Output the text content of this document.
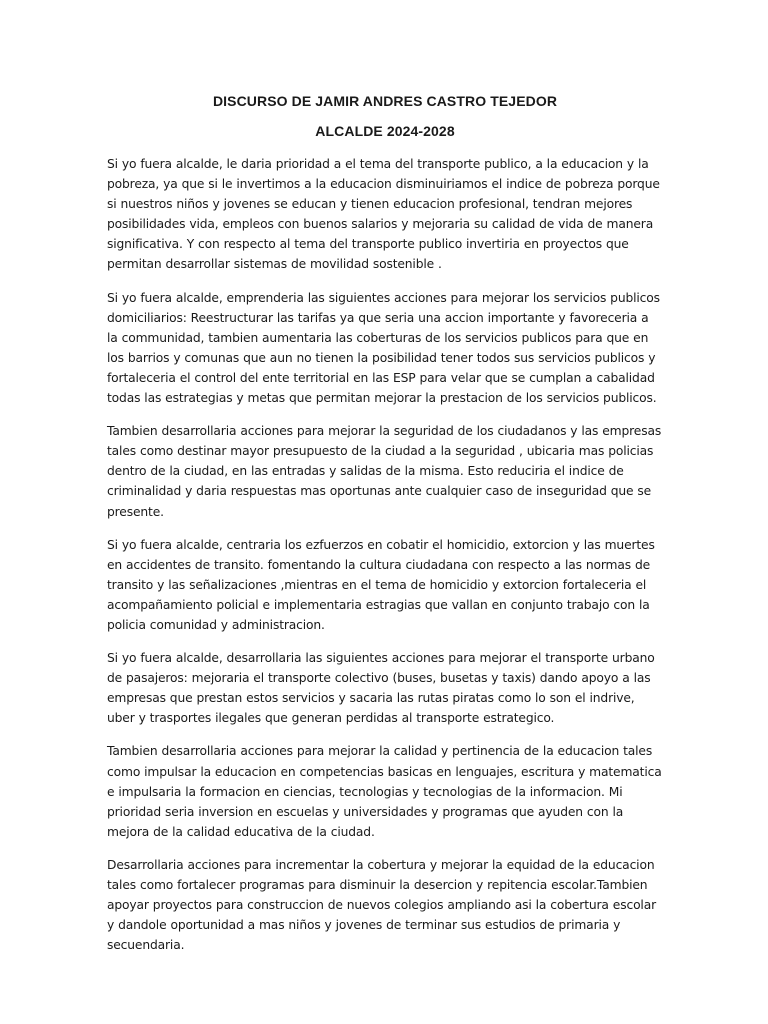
DISCURSO DE JAMIR ANDRES CASTRO TEJEDOR

ALCALDE 2024-2028

Si yo fuera alcalde, le daria prioridad a el tema del transporte publico, a la educacion y la pobreza, ya que si le invertimos a la educacion disminuiriamos el indice de pobreza porque si nuestros niños y jovenes se educan y tienen educacion profesional, tendran mejores posibilidades vida, empleos con buenos salarios y mejoraria su calidad de vida de manera significativa. Y con respecto al tema del transporte publico invertiria en proyectos que permitan desarrollar sistemas de movilidad sostenible .

Si yo fuera alcalde, emprenderia las siguientes acciones para mejorar los servicios publicos domiciliarios: Reestructurar las tarifas ya que seria una accion importante y favoreceria a la communidad, tambien aumentaria las coberturas de los servicios publicos para que en los barrios y comunas que aun no tienen la posibilidad tener todos sus servicios publicos y fortaleceria el control del ente territorial en las ESP para velar que se cumplan a cabalidad todas las estrategias y metas que permitan mejorar la prestacion de los servicios publicos.

Tambien desarrollaria acciones para mejorar la seguridad de los ciudadanos y las empresas tales como destinar mayor presupuesto de la ciudad a la seguridad , ubicaria mas policias dentro de la ciudad, en las entradas y salidas de la misma. Esto reduciria el indice de criminalidad y daria respuestas mas oportunas ante cualquier caso de inseguridad que se presente.

Si yo fuera alcalde, centraria los ezfuerzos en cobatir el homicidio, extorcion y las muertes en accidentes de transito. fomentando la cultura ciudadana con respecto a las normas de transito y las señalizaciones ,mientras en el tema de homicidio y extorcion fortaleceria el acompañamiento policial e implementaria estragias que vallan en conjunto trabajo con la policia comunidad y administracion.

Si yo fuera alcalde, desarrollaria las siguientes acciones para mejorar el transporte urbano de pasajeros: mejoraria el transporte colectivo (buses, busetas y taxis) dando apoyo a las empresas que prestan estos servicios y sacaria las rutas piratas como lo son el indrive, uber y trasportes ilegales que generan perdidas al transporte estrategico.

Tambien desarrollaria acciones para mejorar la calidad y pertinencia de la educacion tales como impulsar la educacion en competencias basicas en lenguajes, escritura y matematica e impulsaria la formacion en ciencias, tecnologias y tecnologias de la informacion. Mi prioridad seria inversion en escuelas y universidades y programas que ayuden con la mejora de la calidad educativa de la ciudad.

Desarrollaria acciones para incrementar la cobertura y mejorar la equidad de la educacion tales como fortalecer programas para disminuir la desercion y repitencia escolar.Tambien apoyar proyectos para construccion de nuevos colegios ampliando asi la cobertura escolar y dandole oportunidad a mas niños y jovenes de terminar sus estudios de primaria y secuendaria.
